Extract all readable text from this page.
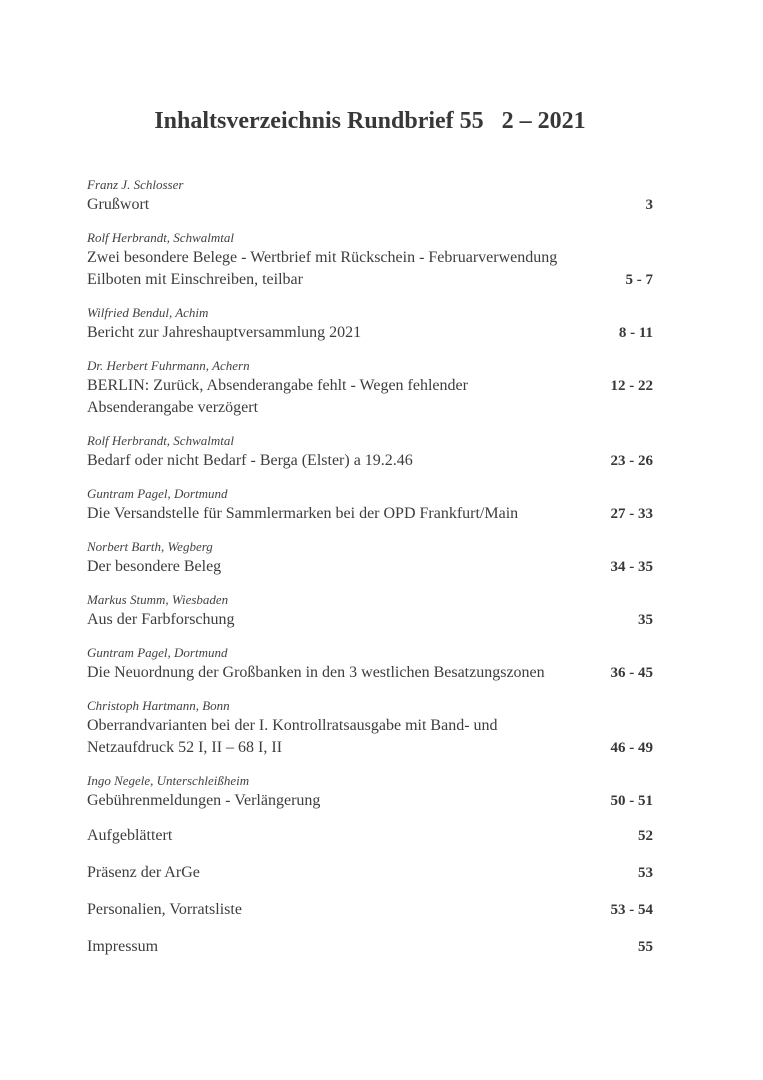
Inhaltsverzeichnis Rundbrief 55   2 – 2021
Franz J. Schlosser
Grußwort	3
Rolf Herbrandt, Schwalmtal
Zwei besondere Belege - Wertbrief mit Rückschein - Februarverwendung
Eilboten mit Einschreiben, teilbar	5 - 7
Wilfried Bendul, Achim
Bericht zur Jahreshauptversammlung 2021	8 - 11
Dr. Herbert Fuhrmann, Achern
BERLIN: Zurück, Absenderangabe fehlt - Wegen fehlender	12 - 22
Absenderangabe verzögert
Rolf Herbrandt, Schwalmtal
Bedarf oder nicht Bedarf - Berga (Elster) a 19.2.46	23 - 26
Guntram Pagel, Dortmund
Die Versandstelle für Sammlermarken bei der OPD Frankfurt/Main	27 - 33
Norbert Barth, Wegberg
Der besondere Beleg	34 - 35
Markus Stumm, Wiesbaden
Aus der Farbforschung	35
Guntram Pagel, Dortmund
Die Neuordnung der Großbanken in den 3 westlichen Besatzungszonen	36 - 45
Christoph Hartmann, Bonn
Oberrandvarianten bei der I. Kontrollratsausgabe mit Band- und
Netzaufdruck 52 I, II – 68 I, II	46 - 49
Ingo Negele, Unterschleißheim
Gebührenmeldungen - Verlängerung	50 - 51
Aufgeblättert	52
Präsenz der ArGe	53
Personalien, Vorratsliste	53 - 54
Impressum	55
